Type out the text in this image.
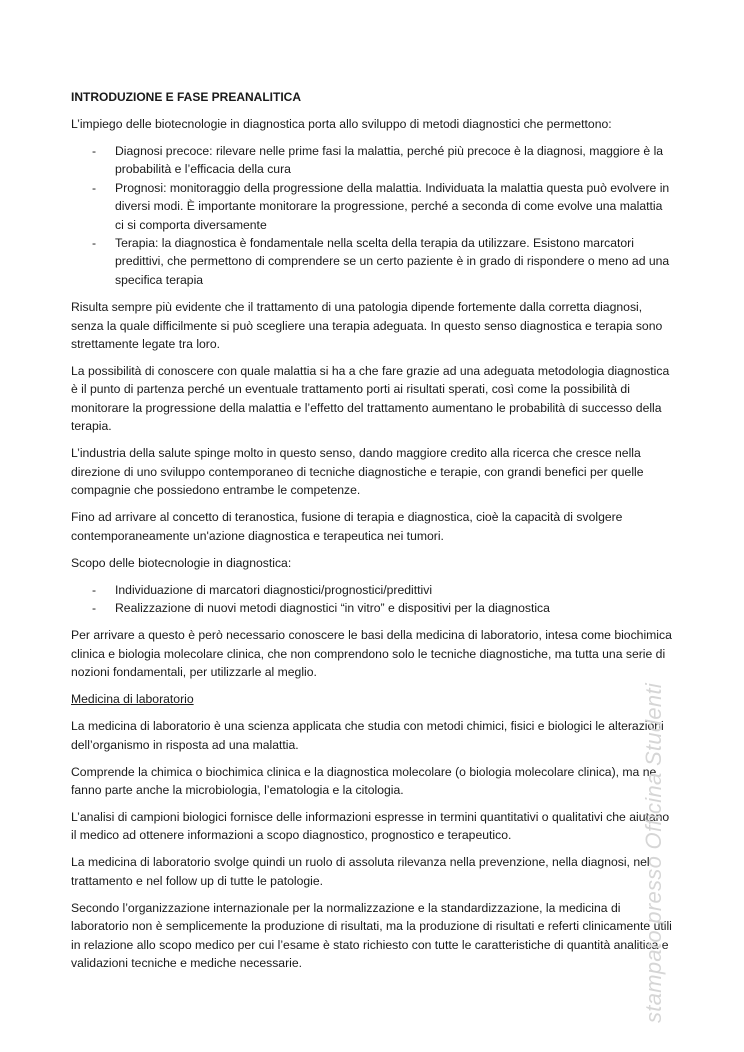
INTRODUZIONE E FASE PREANALITICA

L’impiego delle biotecnologie in diagnostica porta allo sviluppo di metodi diagnostici che permettono:

- Diagnosi precoce: rilevare nelle prime fasi la malattia, perché più precoce è la diagnosi, maggiore è la probabilità e l’efficacia della cura
- Prognosi: monitoraggio della progressione della malattia. Individuata la malattia questa può evolvere in diversi modi. È importante monitorare la progressione, perché a seconda di come evolve una malattia ci si comporta diversamente
- Terapia: la diagnostica è fondamentale nella scelta della terapia da utilizzare. Esistono marcatori predittivi, che permettono di comprendere se un certo paziente è in grado di rispondere o meno ad una specifica terapia

Risulta sempre più evidente che il trattamento di una patologia dipende fortemente dalla corretta diagnosi, senza la quale difficilmente si può scegliere una terapia adeguata. In questo senso diagnostica e terapia sono strettamente legate tra loro.

La possibilità di conoscere con quale malattia si ha a che fare grazie ad una adeguata metodologia diagnostica è il punto di partenza perché un eventuale trattamento porti ai risultati sperati, così come la possibilità di monitorare la progressione della malattia e l’effetto del trattamento aumentano le probabilità di successo della terapia.

L’industria della salute spinge molto in questo senso, dando maggiore credito alla ricerca che cresce nella direzione di uno sviluppo contemporaneo di tecniche diagnostiche e terapie, con grandi benefici per quelle compagnie che possiedono entrambe le competenze.

Fino ad arrivare al concetto di teranostica, fusione di terapia e diagnostica, cioè la capacità di svolgere contemporaneamente un'azione diagnostica e terapeutica nei tumori.

Scopo delle biotecnologie in diagnostica:

- Individuazione di marcatori diagnostici/prognostici/predittivi
- Realizzazione di nuovi metodi diagnostici “in vitro” e dispositivi per la diagnostica

Per arrivare a questo è però necessario conoscere le basi della medicina di laboratorio, intesa come biochimica clinica e biologia molecolare clinica, che non comprendono solo le tecniche diagnostiche, ma tutta una serie di nozioni fondamentali, per utilizzarle al meglio.

Medicina di laboratorio

La medicina di laboratorio è una scienza applicata che studia con metodi chimici, fisici e biologici le alterazioni dell’organismo in risposta ad una malattia.

Comprende la chimica o biochimica clinica e la diagnostica molecolare (o biologia molecolare clinica), ma ne fanno parte anche la microbiologia, l’ematologia e la citologia.

L’analisi di campioni biologici fornisce delle informazioni espresse in termini quantitativi o qualitativi che aiutano il medico ad ottenere informazioni a scopo diagnostico, prognostico e terapeutico.

La medicina di laboratorio svolge quindi un ruolo di assoluta rilevanza nella prevenzione, nella diagnosi, nel trattamento e nel follow up di tutte le patologie.

Secondo l’organizzazione internazionale per la normalizzazione e la standardizzazione, la medicina di laboratorio non è semplicemente la produzione di risultati, ma la produzione di risultati e referti clinicamente utili in relazione allo scopo medico per cui l’esame è stato richiesto con tutte le caratteristiche di quantità analitica e validazioni tecniche e mediche necessarie.	stampato presso Officina Studenti
